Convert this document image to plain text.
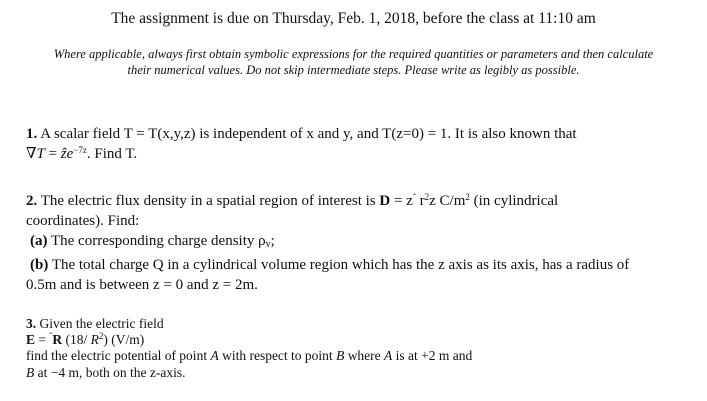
The assignment is due on Thursday, Feb. 1, 2018, before the class at 11:10 am
Where applicable, always first obtain symbolic expressions for the required quantities or parameters and then calculate
their numerical values. Do not skip intermediate steps. Please write as legibly as possible.
1. A scalar field T = T(x,y,z) is independent of x and y, and T(z=0) = 1. It is also known that
∇T = ẑe$^{-7z}$. Find T.
2. The electric flux density in a spatial region of interest is $D = z^ˆ$ $r^2z$ $C/m^2$ (in cylindrical
coordinates). Find:
(a) The corresponding charge density ρv;
(b) The total charge Q in a cylindrical volume region which has the z axis as its axis, has a radius of
0.5m and is between z = 0 and z = 2m.
3. Given the electric field
E = $^ˆ$R (18/ $R^2$) (V/m)
find the electric potential of point A with respect to point B where A is at +2 m and
B at −4 m, both on the z-axis.
